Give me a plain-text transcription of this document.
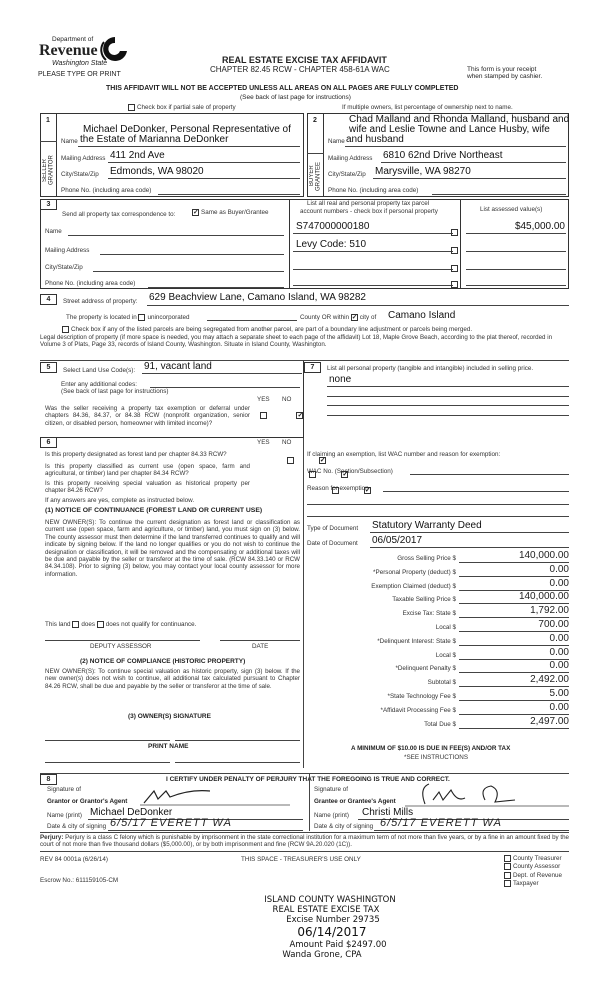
Department of
Revenue
Washington State
PLEASE TYPE OR PRINT
REAL ESTATE EXCISE TAX AFFIDAVIT
CHAPTER 82.45 RCW - CHAPTER 458-61A WAC	This form is your receipt
when stamped by cashier.
THIS AFFIDAVIT WILL NOT BE ACCEPTED UNLESS ALL AREAS ON ALL PAGES ARE FULLY COMPLETED
(See back of last page for instructions)
Check box if partial sale of property	If multiple owners, list percentage of ownership next to name.
1
SELLER GRANTOR
Michael DeDonker, Personal Representative of
Name the Estate of Marianna DeDonker
Mailing Address 411 2nd Ave
City/State/Zip Edmonds, WA 98020
Phone No. (including area code)
2
BUYER GRANTEE
Chad Malland and Rhonda Malland, husband and
wife and Leslie Towne and Lance Husby, wife
Name and husband
Mailing Address 6810 62nd Drive Northeast
City/State/Zip Marysville, WA 98270
Phone No. (including area code)
3
Send all property tax correspondence to: ✓	Same as Buyer/Grantee
Name
Mailing Address
City/State/Zip
Phone No. (including area code)
List all real and personal property tax parcel
account numbers - check box if personal property	List assessed value(s)
S747000000180	$45,000.00
Levy Code: 510
4	Street address of property: 629 Beachview Lane, Camano Island, WA 98282
The property is located in unincorporated	County OR within ✓ city of Camano Island
Check box if any of the listed parcels are being segregated from another parcel, are part of a boundary line adjustment or parcels being merged.
Legal description of property (if more space is needed, you may attach a separate sheet to each page of the affidavit) Lot 18, Maple Grove Beach, according to the plat thereof, recorded in Volume 3 of Plats, Page 33, records of Island County, Washington. Situate in Island County, Washington.
5	Select Land Use Code(s): 91, vacant land
Enter any additional codes:
(See back of last page for instructions)
YES NO
Was the seller receiving a property tax exemption or deferral under chapters 84.36, 84.37, or 84.38 RCW (nonprofit organization, senior citizen, or disabled person, homeowner with limited income)?
✓
6	YES NO
Is this property designated as forest land per chapter 84.33 RCW?
✓
Is this property classified as current use (open space, farm and agricultural, or timber) land per chapter 84.34 RCW?
✓
Is this property receiving special valuation as historical property per chapter 84.26 RCW?
✓
If any answers are yes, complete as instructed below.
(1) NOTICE OF CONTINUANCE (FOREST LAND OR CURRENT USE)
NEW OWNER(S): To continue the current designation as forest land or classification as current use (open space, farm and agriculture, or timber) land, you must sign on (3) below. The county assessor must then determine if the land transferred continues to qualify and will indicate by signing below. If the land no longer qualifies or you do not wish to continue the designation or classification, it will be removed and the compensating or additional taxes will be due and payable by the seller or transferor at the time of sale. (RCW 84.33.140 or RCW 84.34.108). Prior to signing (3) below, you may contact your local county assessor for more information.
This land does does not qualify for continuance.
DEPUTY ASSESSOR	DATE
(2) NOTICE OF COMPLIANCE (HISTORIC PROPERTY)
NEW OWNER(S): To continue special valuation as historic property, sign (3) below. If the new owner(s) does not wish to continue, all additional tax calculated pursuant to Chapter 84.26 RCW, shall be due and payable by the seller or transferor at the time of sale.
(3) OWNER(S) SIGNATURE
PRINT NAME
7	List all personal property (tangible and intangible) included in selling price.
none
If claiming an exemption, list WAC number and reason for exemption:
WAC No. (Section/Subsection)
Reason for exemption
Type of Document Statutory Warranty Deed
Date of Document 06/05/2017
Gross Selling Price $	140,000.00
*Personal Property (deduct) $	0.00
Exemption Claimed (deduct) $	0.00
Taxable Selling Price $	140,000.00
Excise Tax: State $	1,792.00
Local $	700.00
*Delinquent Interest: State $	0.00
Local $	0.00
*Delinquent Penalty $	0.00
Subtotal $	2,492.00
*State Technology Fee $	5.00
*Affidavit Processing Fee $	0.00
Total Due $	2,497.00
A MINIMUM OF $10.00 IS DUE IN FEE(S) AND/OR TAX
*SEE INSTRUCTIONS
8	I CERTIFY UNDER PENALTY OF PERJURY THAT THE FOREGOING IS TRUE AND CORRECT.
Signature of
Grantor or Grantor's Agent
Name (print) Michael DeDonker
Date & city of signing 6/5/17 EVERETT WA
Signature of
Grantee or Grantee's Agent
Name (print) Christi Mills
Date & city of signing 6/5/17 EVERETT WA
Perjury: Perjury is a class C felony which is punishable by imprisonment in the state correctional institution for a maximum term of not more than five years, or by a fine in an amount fixed by the court of not more than five thousand dollars ($5,000.00), or by both imprisonment and fine (RCW 9A.20.020 (1C)).
REV 84 0001a (6/26/14)	THIS SPACE - TREASURER'S USE ONLY
Escrow No.: 611159105-CM
County Treasurer
County Assessor
Dept. of Revenue
Taxpayer
ISLAND COUNTY WASHINGTON
REAL ESTATE EXCISE TAX
Excise Number 29735
06/14/2017
Amount Paid $2497.00
Wanda Grone, CPA
